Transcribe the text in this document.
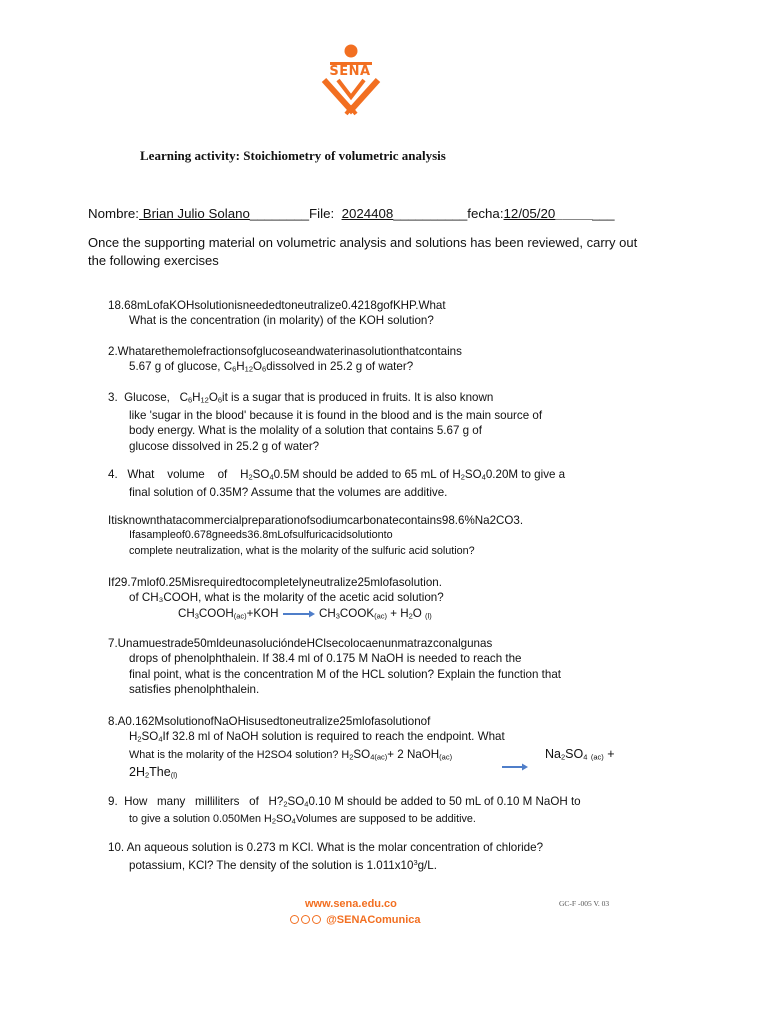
SENA
Learning activity: Stoichiometry of volumetric analysis
Nombre: Brian Julio Solano________File: 2024408__________fecha:12/05/20________
Once the supporting material on volumetric analysis and solutions has been reviewed, carry out the following exercises
18.68mLofaKOHsolutionisneededtoneutralize0.4218gofKHP.What
What is the concentration (in molarity) of the KOH solution?
2.Whatarethemolefractionsofglucoseandwaterinasolutionthatcontains
5.67 g of glucose, $C_6H_{12}O_6dissolved$ in 25.2 g of water?
3. Glucose, $C_6H_{12}O_6it$ is a sugar that is produced in fruits. It is also known
like 'sugar in the blood' because it is found in the blood and is the main source of
body energy. What is the molality of a solution that contains 5.67 g of
glucose dissolved in 25.2 g of water?
4. What volume of $H_2SO_40.5M$ should be added to 65 mL of $H_2SO_40.20M$ to give a
final solution of 0.35M? Assume that the volumes are additive.
Itisknownthatacommercialpreparationofsodiumcarbonatecontains98.6%Na2CO3.
Ifasampleof0.678gneeds36.8mLofsulfuricacidsolutionto
complete neutralization, what is the molarity of the sulfuric acid solution?
If29.7mlof0.25Misrequiredtocompletelyneutralize25mlofasolution.
of CH₃COOH, what is the molarity of the acetic acid solution?
$CH_3COOH_{(ac)}+KOH$ → $CH_3COOK_{(ac)} + H_2O$ $_{(l)}$
7.Unamuestrade50mldeunasolucióndeHClsecolocaenunmatrazconalgunas
drops of phenolphthalein. If 38.4 ml of 0.175 M NaOH is needed to reach the
final point, what is the concentration M of the HCL solution? Explain the function that
satisfies phenolphthalein.
8.A0.162MsolutionofNaOHisusedtoneutralize25mlofasolutionof
$H_2SO_4If$ 32.8 ml of NaOH solution is required to reach the endpoint. What
What is the molarity of the H2SO4 solution? $H_2SO_{4(ac)}+ 2$ NaOH$_{(ac)}$
$2H_2The_{(l)}$
$Na_2SO_4$ $_{(ac)}$ +
9. How many milliliters of $H?_2SO_40.10$ M should be added to 50 mL of 0.10 M NaOH to
to give a solution 0.050Men $H_2SO_4Volumes$ are supposed to be additive.
10. An aqueous solution is 0.273 m KCl. What is the molar concentration of chloride?
potassium, KCl? The density of the solution is $1.011x10^3g/L$.
www.sena.edu.co
@SENAComunica
GC-F -005 V. 03
